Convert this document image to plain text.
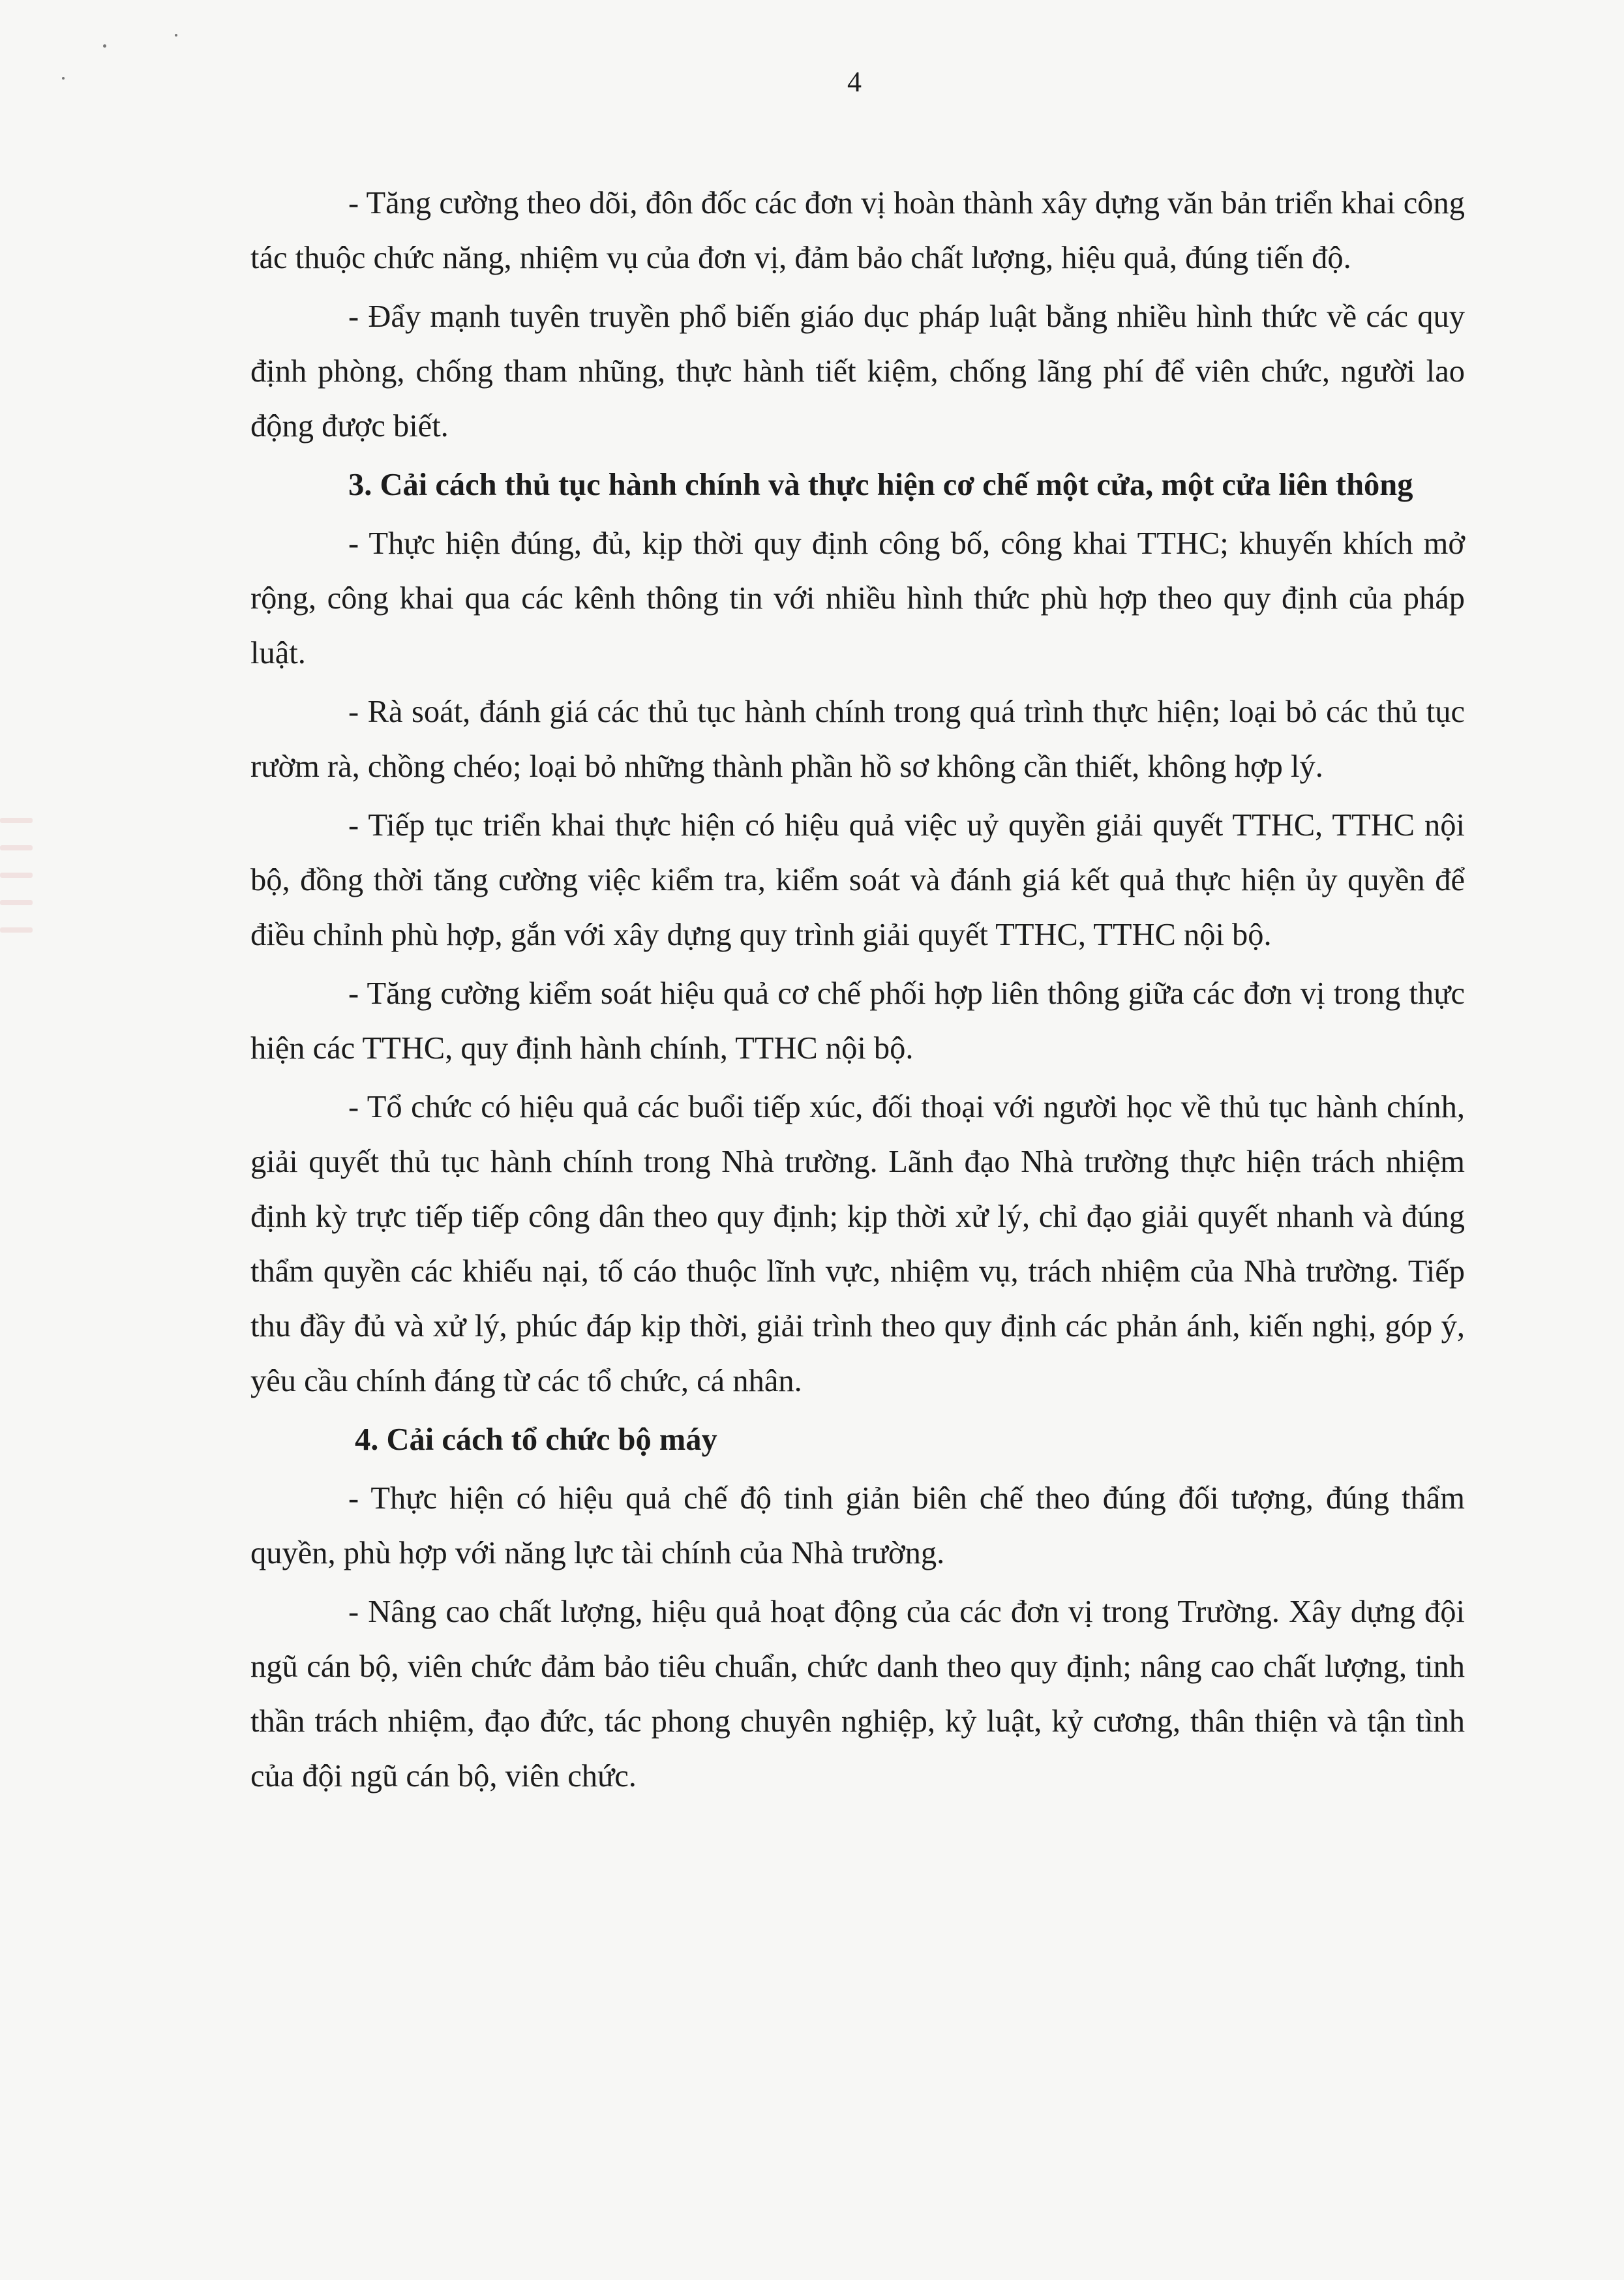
4

- Tăng cường theo dõi, đôn đốc các đơn vị hoàn thành xây dựng văn bản triển khai công tác thuộc chức năng, nhiệm vụ của đơn vị, đảm bảo chất lượng, hiệu quả, đúng tiến độ.

- Đẩy mạnh tuyên truyền phổ biến giáo dục pháp luật bằng nhiều hình thức về các quy định phòng, chống tham nhũng, thực hành tiết kiệm, chống lãng phí để viên chức, người lao động được biết.

3. Cải cách thủ tục hành chính và thực hiện cơ chế một cửa, một cửa liên thông

- Thực hiện đúng, đủ, kịp thời quy định công bố, công khai TTHC; khuyến khích mở rộng, công khai qua các kênh thông tin với nhiều hình thức phù hợp theo quy định của pháp luật.

- Rà soát, đánh giá các thủ tục hành chính trong quá trình thực hiện; loại bỏ các thủ tục rườm rà, chồng chéo; loại bỏ những thành phần hồ sơ không cần thiết, không hợp lý.

- Tiếp tục triển khai thực hiện có hiệu quả việc uỷ quyền giải quyết TTHC, TTHC nội bộ, đồng thời tăng cường việc kiểm tra, kiểm soát và đánh giá kết quả thực hiện ủy quyền để điều chỉnh phù hợp, gắn với xây dựng quy trình giải quyết TTHC, TTHC nội bộ.

- Tăng cường kiểm soát hiệu quả cơ chế phối hợp liên thông giữa các đơn vị trong thực hiện các TTHC, quy định hành chính, TTHC nội bộ.

- Tổ chức có hiệu quả các buổi tiếp xúc, đối thoại với người học về thủ tục hành chính, giải quyết thủ tục hành chính trong Nhà trường. Lãnh đạo Nhà trường thực hiện trách nhiệm định kỳ trực tiếp tiếp công dân theo quy định; kịp thời xử lý, chỉ đạo giải quyết nhanh và đúng thẩm quyền các khiếu nại, tố cáo thuộc lĩnh vực, nhiệm vụ, trách nhiệm của Nhà trường. Tiếp thu đầy đủ và xử lý, phúc đáp kịp thời, giải trình theo quy định các phản ánh, kiến nghị, góp ý, yêu cầu chính đáng từ các tổ chức, cá nhân.

4. Cải cách tổ chức bộ máy

- Thực hiện có hiệu quả chế độ tinh giản biên chế theo đúng đối tượng, đúng thẩm quyền, phù hợp với năng lực tài chính của Nhà trường.

- Nâng cao chất lượng, hiệu quả hoạt động của các đơn vị trong Trường. Xây dựng đội ngũ cán bộ, viên chức đảm bảo tiêu chuẩn, chức danh theo quy định; nâng cao chất lượng, tinh thần trách nhiệm, đạo đức, tác phong chuyên nghiệp, kỷ luật, kỷ cương, thân thiện và tận tình của đội ngũ cán bộ, viên chức.
